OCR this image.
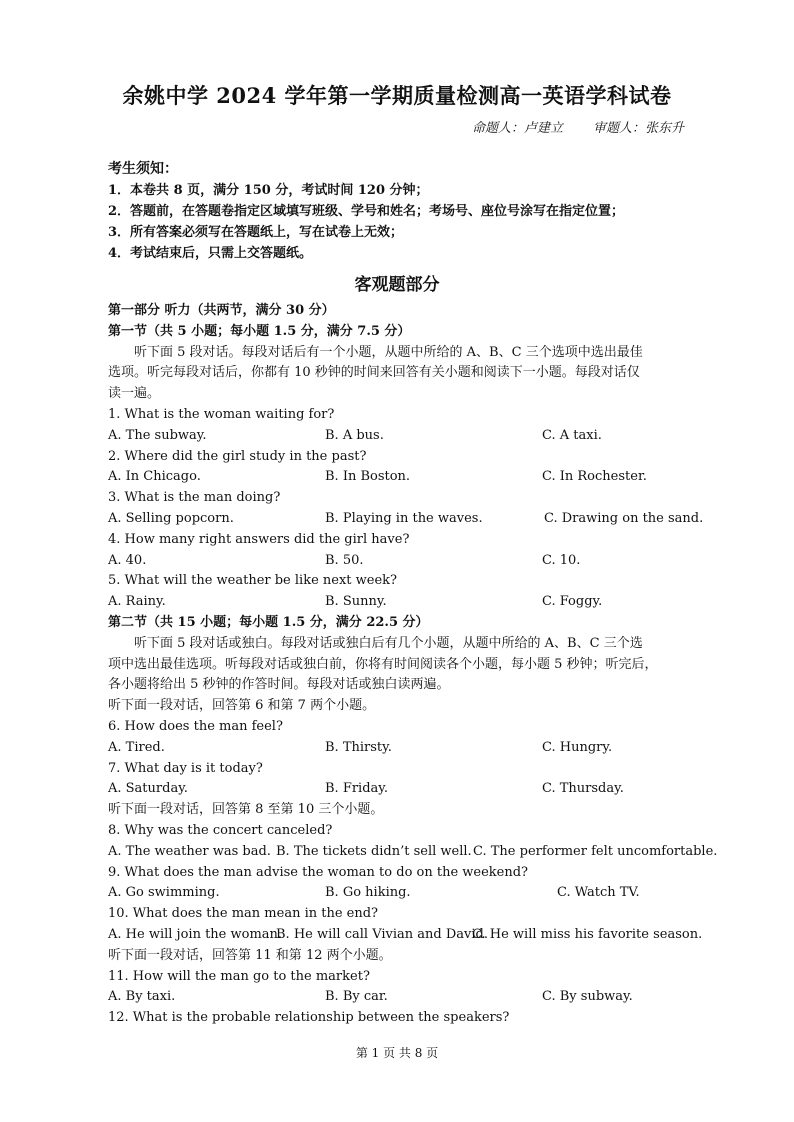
余姚中学 2024 学年第一学期质量检测高一英语学科试卷
命题人：卢建立 审题人：张东升
考生须知：
1．本卷共 8 页，满分 150 分，考试时间 120 分钟；
2．答题前，在答题卷指定区域填写班级、学号和姓名；考场号、座位号涂写在指定位置；
3．所有答案必须写在答题纸上，写在试卷上无效；
4．考试结束后，只需上交答题纸。
客观题部分
第一部分 听力（共两节，满分 30 分）
第一节（共 5 小题；每小题 1.5 分，满分 7.5 分）
听下面 5 段对话。每段对话后有一个小题，从题中所给的 A、B、C 三个选项中选出最佳
选项。听完每段对话后，你都有 10 秒钟的时间来回答有关小题和阅读下一小题。每段对话仅
读一遍。
1. What is the woman waiting for?
A. The subway.	B. A bus.	C. A taxi.
2. Where did the girl study in the past?
A. In Chicago.	B. In Boston.	C. In Rochester.
3. What is the man doing?
A. Selling popcorn.	B. Playing in the waves.	C. Drawing on the sand.
4. How many right answers did the girl have?
A. 40.	B. 50.	C. 10.
5. What will the weather be like next week?
A. Rainy.	B. Sunny.	C. Foggy.
第二节（共 15 小题；每小题 1.5 分，满分 22.5 分）
听下面 5 段对话或独白。每段对话或独白后有几个小题，从题中所给的 A、B、C 三个选
项中选出最佳选项。听每段对话或独白前，你将有时间阅读各个小题，每小题 5 秒钟；听完后，
各小题将给出 5 秒钟的作答时间。每段对话或独白读两遍。
听下面一段对话，回答第 6 和第 7 两个小题。
6. How does the man feel?
A. Tired.	B. Thirsty.	C. Hungry.
7. What day is it today?
A. Saturday.	B. Friday.	C. Thursday.
听下面一段对话，回答第 8 至第 10 三个小题。
8. Why was the concert canceled?
A. The weather was bad. B. The tickets didn’t sell well. C. The performer felt uncomfortable.
9. What does the man advise the woman to do on the weekend?
A. Go swimming.	B. Go hiking.	C. Watch TV.
10. What does the man mean in the end?
A. He will join the woman.
B. He will call Vivian and David.
C. He will miss his favorite season.
听下面一段对话，回答第 11 和第 12 两个小题。
11. How will the man go to the market?
A. By taxi.	B. By car.	C. By subway.
12. What is the probable relationship between the speakers?
第 1 页 共 8 页
